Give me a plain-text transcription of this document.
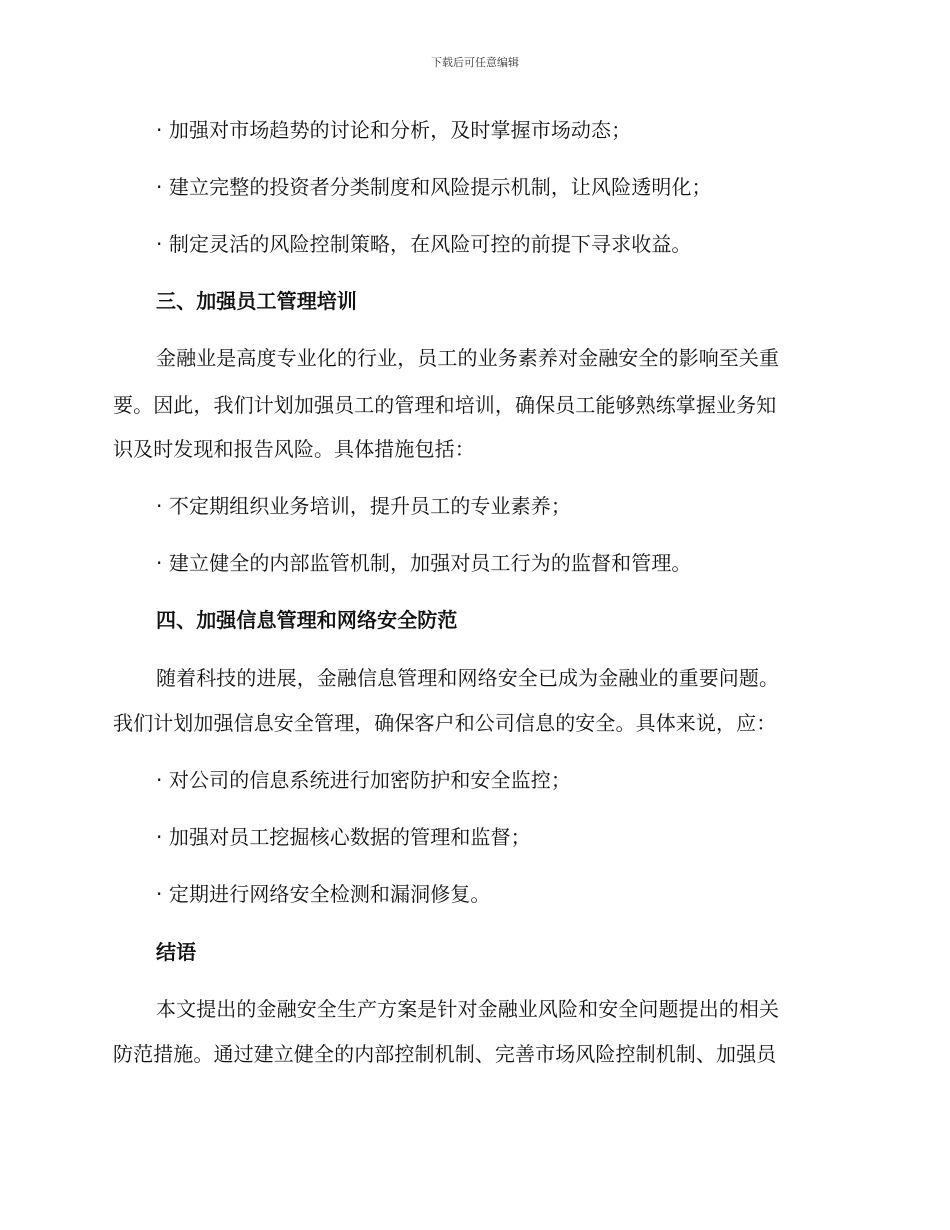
下载后可任意编辑
· 加强对市场趋势的讨论和分析，及时掌握市场动态；
· 建立完整的投资者分类制度和风险提示机制，让风险透明化；
· 制定灵活的风险控制策略，在风险可控的前提下寻求收益。
三、加强员工管理培训
金融业是高度专业化的行业，员工的业务素养对金融安全的影响至关重
要。因此，我们计划加强员工的管理和培训，确保员工能够熟练掌握业务知
识及时发现和报告风险。具体措施包括：
· 不定期组织业务培训，提升员工的专业素养；
· 建立健全的内部监管机制，加强对员工行为的监督和管理。
四、加强信息管理和网络安全防范
随着科技的进展，金融信息管理和网络安全已成为金融业的重要问题。
我们计划加强信息安全管理，确保客户和公司信息的安全。具体来说，应：
· 对公司的信息系统进行加密防护和安全监控；
· 加强对员工挖掘核心数据的管理和监督；
· 定期进行网络安全检测和漏洞修复。
结语
本文提出的金融安全生产方案是针对金融业风险和安全问题提出的相关
防范措施。通过建立健全的内部控制机制、完善市场风险控制机制、加强员
